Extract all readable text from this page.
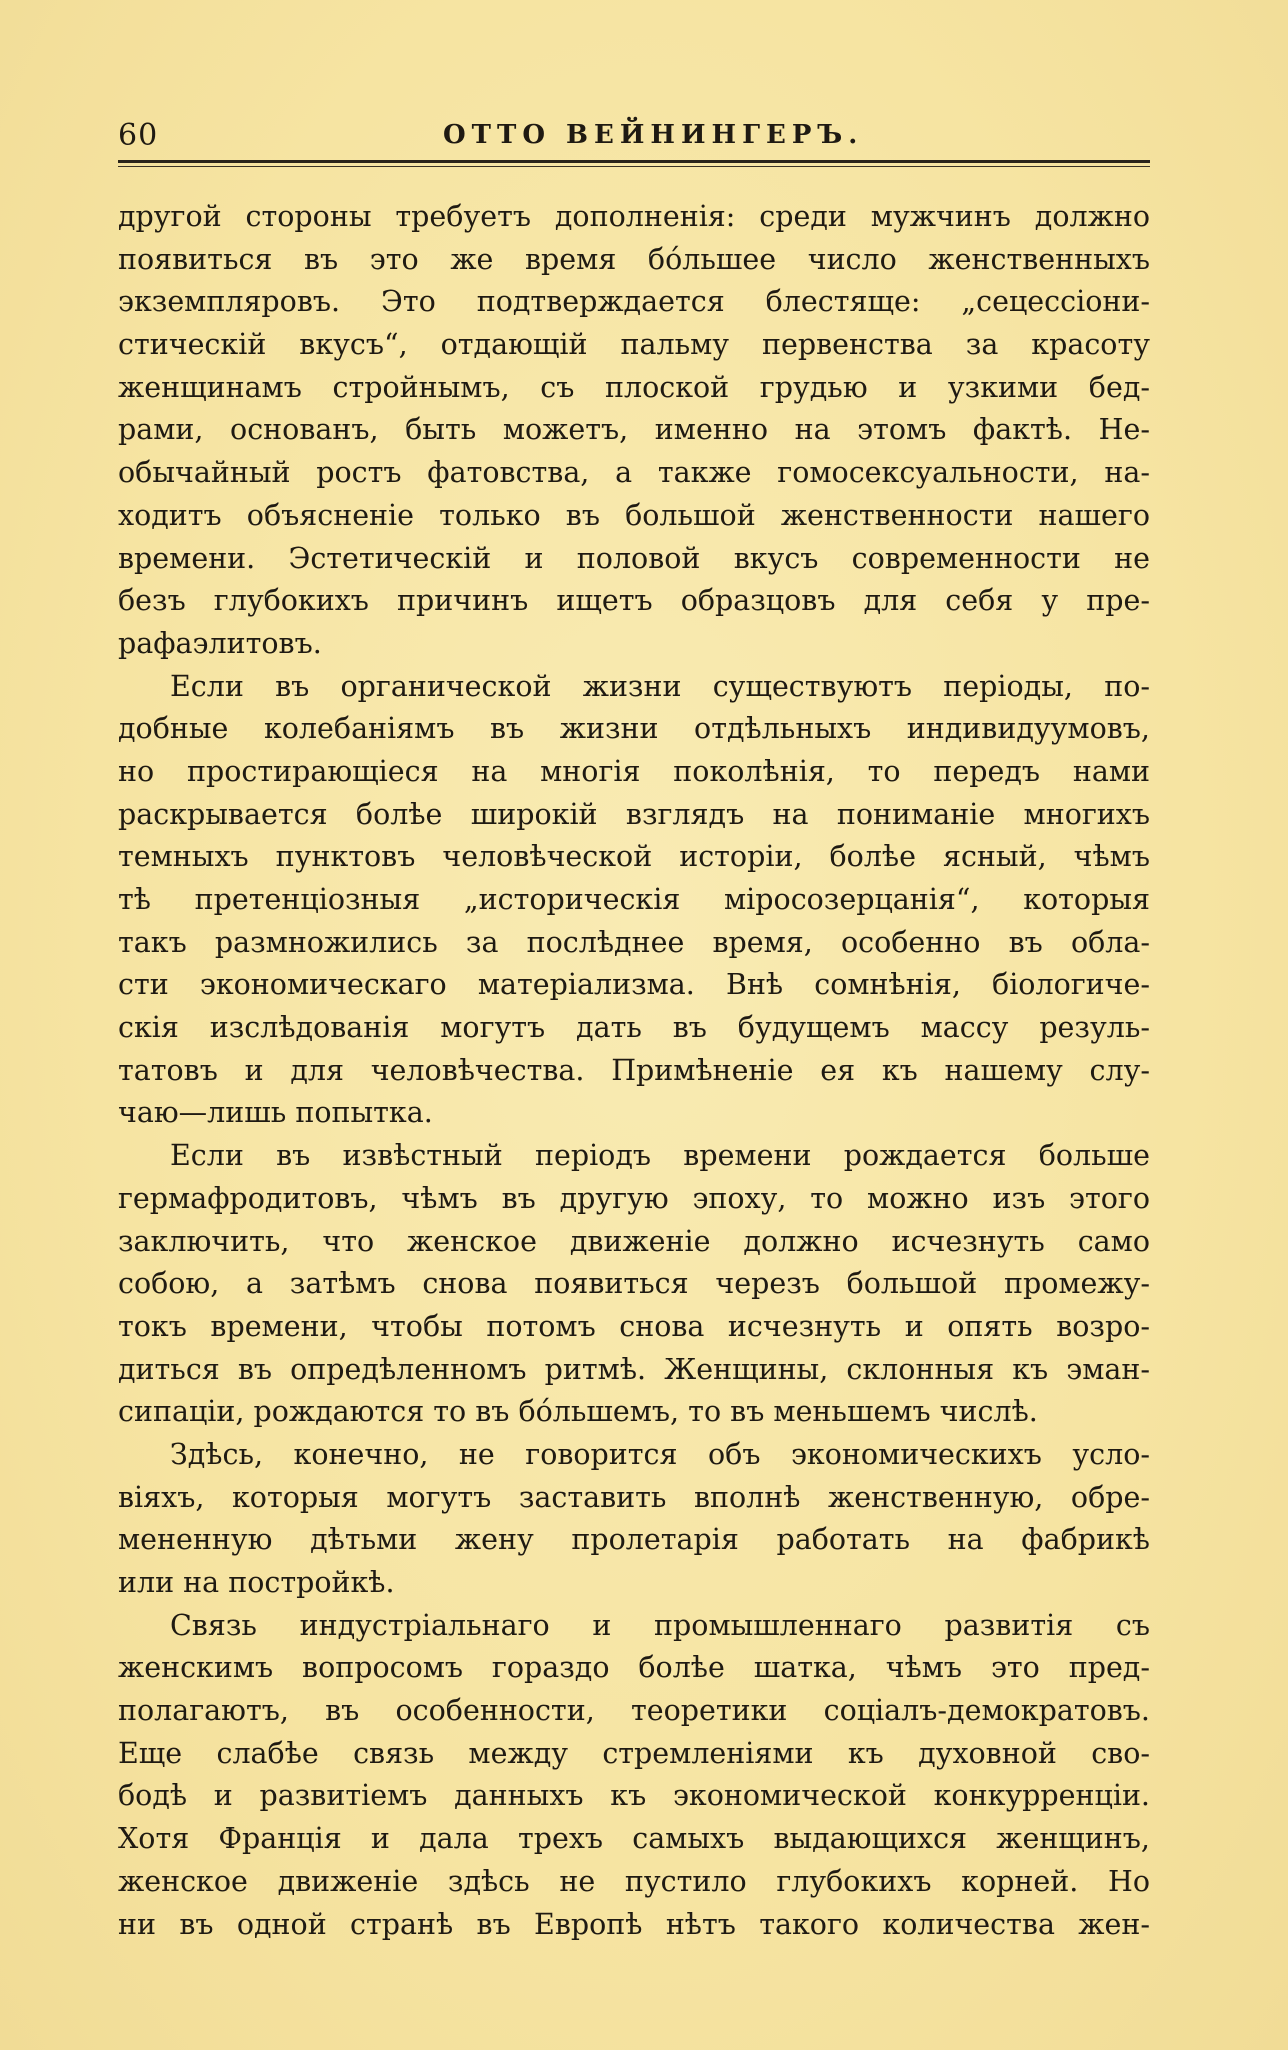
60	ОТТО ВЕЙНИНГЕРЪ.
другой стороны требуетъ дополненія: среди мужчинъ должно
появиться въ это же время бóльшее число женственныхъ
экземпляровъ. Это подтверждается блестяще: „сецессіони-
стическій вкусъ“, отдающій пальму первенства за красоту
женщинамъ стройнымъ, съ плоской грудью и узкими бед-
рами, основанъ, быть можетъ, именно на этомъ фактѣ. Не-
обычайный ростъ фатовства, а также гомосексуальности, на-
ходитъ объясненіе только въ большой женственности нашего
времени. Эстетическій и половой вкусъ современности не
безъ глубокихъ причинъ ищетъ образцовъ для себя у пре-
рафаэлитовъ.
Если въ органической жизни существуютъ періоды, по-
добные колебаніямъ въ жизни отдѣльныхъ индивидуумовъ,
но простирающіеся на многія поколѣнія, то передъ нами
раскрывается болѣе широкій взглядъ на пониманіе многихъ
темныхъ пунктовъ человѣческой исторіи, болѣе ясный, чѣмъ
тѣ претенціозныя „историческія міросозерцанія“, которыя
такъ размножились за послѣднее время, особенно въ обла-
сти экономическаго матеріализма. Внѣ сомнѣнія, біологиче-
скія изслѣдованія могутъ дать въ будущемъ массу резуль-
татовъ и для человѣчества. Примѣненіе ея къ нашему слу-
чаю—лишь попытка.
Если въ извѣстный періодъ времени рождается больше
гермафродитовъ, чѣмъ въ другую эпоху, то можно изъ этого
заключить, что женское движеніе должно исчезнуть само
собою, а затѣмъ снова появиться черезъ большой промежу-
токъ времени, чтобы потомъ снова исчезнуть и опять возро-
диться въ опредѣленномъ ритмѣ. Женщины, склонныя къ эман-
сипаціи, рождаются то въ бóльшемъ, то въ меньшемъ числѣ.
Здѣсь, конечно, не говорится объ экономическихъ усло-
віяхъ, которыя могутъ заставить вполнѣ женственную, обре-
мененную дѣтьми жену пролетарія работать на фабрикѣ
или на постройкѣ.
Связь индустріальнаго и промышленнаго развитія съ
женскимъ вопросомъ гораздо болѣе шатка, чѣмъ это пред-
полагаютъ, въ особенности, теоретики соціалъ-демократовъ.
Еще слабѣе связь между стремленіями къ духовной сво-
бодѣ и развитіемъ данныхъ къ экономической конкурренціи.
Хотя Франція и дала трехъ самыхъ выдающихся женщинъ,
женское движеніе здѣсь не пустило глубокихъ корней. Но
ни въ одной странѣ въ Европѣ нѣтъ такого количества жен-
